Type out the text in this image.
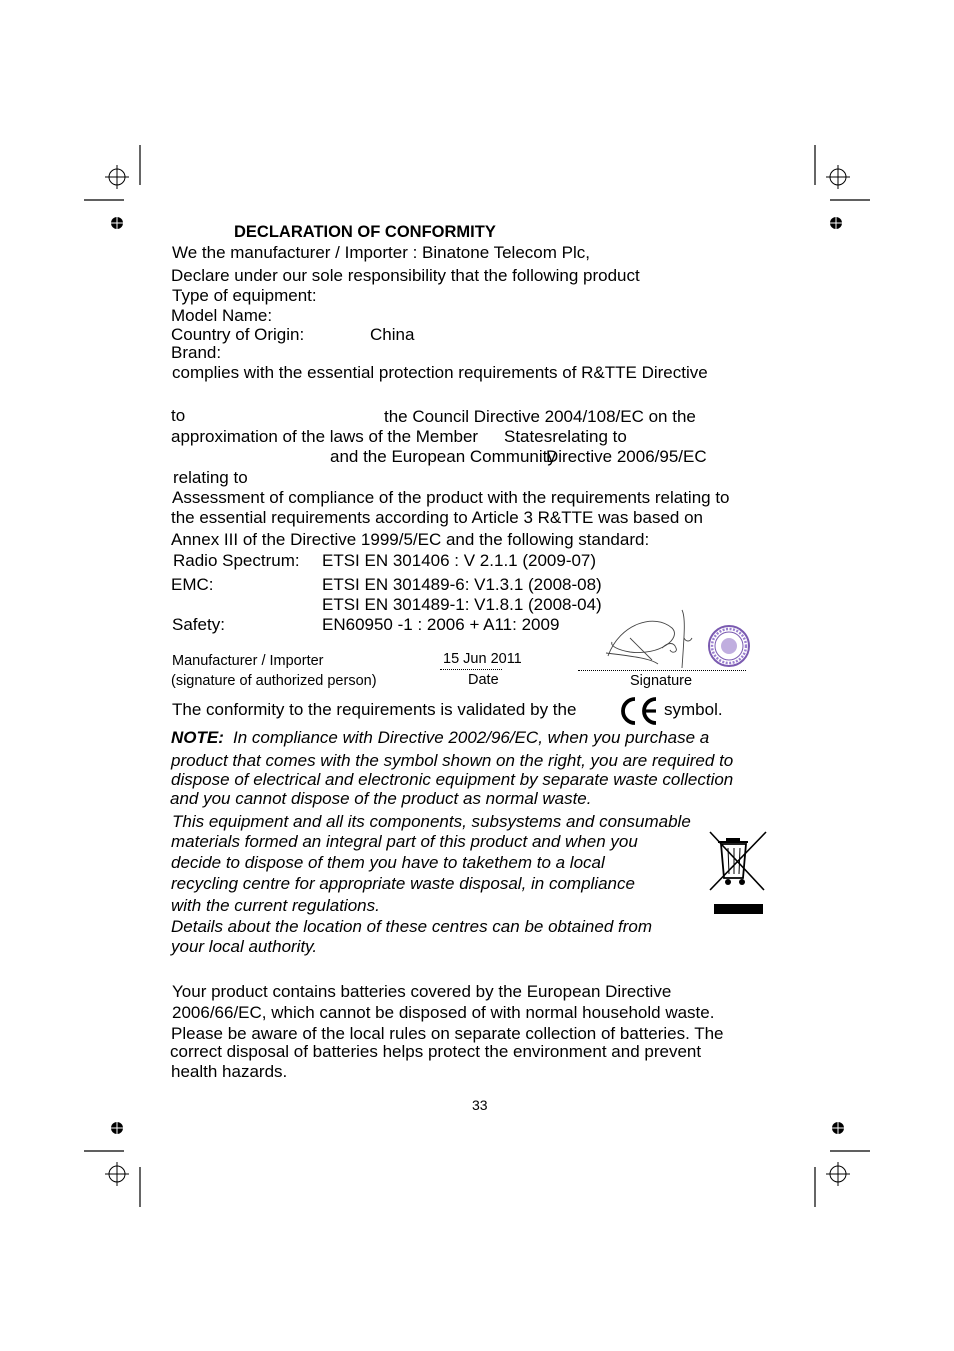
DECLARATION OF CONFORMITY
We the manufacturer / Importer : Binatone Telecom Plc,
Declare under our sole responsibility that the following product
Type of equipment:
Model Name:
Country of Origin:	China
Brand:
complies with the essential protection requirements of R&TTE Directive
to	the Council Directive 2004/108/EC on the
approximation of the laws of the Member Statesrelating to
and the European Community
Directive 2006/95/EC
relating to
Assessment of compliance of the product with the requirements relating to
the essential requirements according to Article 3 R&TTE was based on
Annex III of the Directive 1999/5/EC and the following standard:
Radio Spectrum: ETSI EN 301406 : V 2.1.1 (2009-07)
EMC:	ETSI EN 301489-6: V1.3.1 (2008-08)
ETSI EN 301489-1: V1.8.1 (2008-04)
Safety:	EN60950 -1 : 2006 + A11: 2009
Manufacturer / Importer
(signature of authorized person)
15 Jun 2011
Date	Signature
The conformity to the requirements is validated by the	symbol.
NOTE: In compliance with Directive 2002/96/EC, when you purchase a
product that comes with the symbol shown on the right, you are required to
dispose of electrical and electronic equipment by separate waste collection
and you cannot dispose of the product as normal waste.
This equipment and all its components, subsystems and consumable
materials formed an integral part of this product and when you
decide to dispose of them you have to takethem to a local
recycling centre for appropriate waste disposal, in compliance
with the current regulations.
Details about the location of these centres can be obtained from
your local authority.
Your product contains batteries covered by the European Directive
2006/66/EC, which cannot be disposed of with normal household waste.
Please be aware of the local rules on separate collection of batteries. The
correct disposal of batteries helps protect the environment and prevent
health hazards.
33
